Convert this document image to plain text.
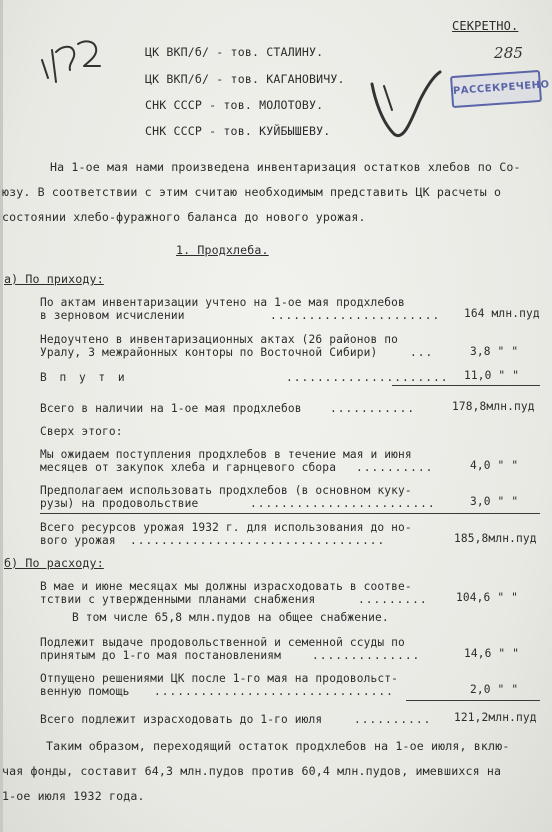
СЕКРЕТНО.
285
РАССЕКРЕЧЕНО
ЦК ВКП/б/ - тов. СТАЛИНУ.
ЦК ВКП/б/ - тов. КАГАНОВИЧУ.
СНК СССР - тов. МОЛОТОВУ.
СНК СССР - тов. КУЙБЫШЕВУ.
На 1-ое мая нами произведена инвентаризация остатков хлебов по Со-
юзу. В соответствии с этим считаю необходимым представить ЦК расчеты о
состоянии хлебо-фуражного баланса до нового урожая.
1. Продхлеба.
а) По приходу:
По актам инвентаризации учтено на 1-ое мая продхлебов
в зерновом исчислении	...................... 164 млн.пуд
Недоучтено в инвентаризационных актах (26 районов по
Уралу, 3 межрайонных конторы по Восточной Сибири)	...	3,8 " "
В п у т и	..................... 11,0 " "
Всего в наличии на 1-ое мая продхлебов	...........	178,8млн.пуд
Сверх этого:
Мы ожидаем поступления продхлебов в течение мая и июня
месяцев от закупок хлеба и гарнцевого сбора ..........	4,0 " "
Предполагаем использовать продхлебов (в основном куку-
рузы) на продовольствие	........................	3,0 " "
Всего ресурсов урожая 1932 г. для использования до но-
вого урожая .................................	185,8млн.пуд
б) По расходу:
В мае и июне месяцах мы должны израсходовать в соотве-
тствии с утвержденными планами снабжения	.........	104,6 " "
В том числе 65,8 млн.пудов на общее снабжение.
Подлежит выдаче продовольственной и семенной ссуды по
принятым до 1-го мая постановлениям	..............	14,6 " "
Отпущено решениями ЦК после 1-го мая на продовольст-
венную помощь ...............................	2,0 " "
Всего подлежит израсходовать до 1-го июля	.......... 121,2млн.пуд
Таким образом, переходящий остаток продхлебов на 1-ое июля, вклю-
чая фонды, составит 64,3 млн.пудов против 60,4 млн.пудов, имевшихся на
1-ое июля 1932 года.
